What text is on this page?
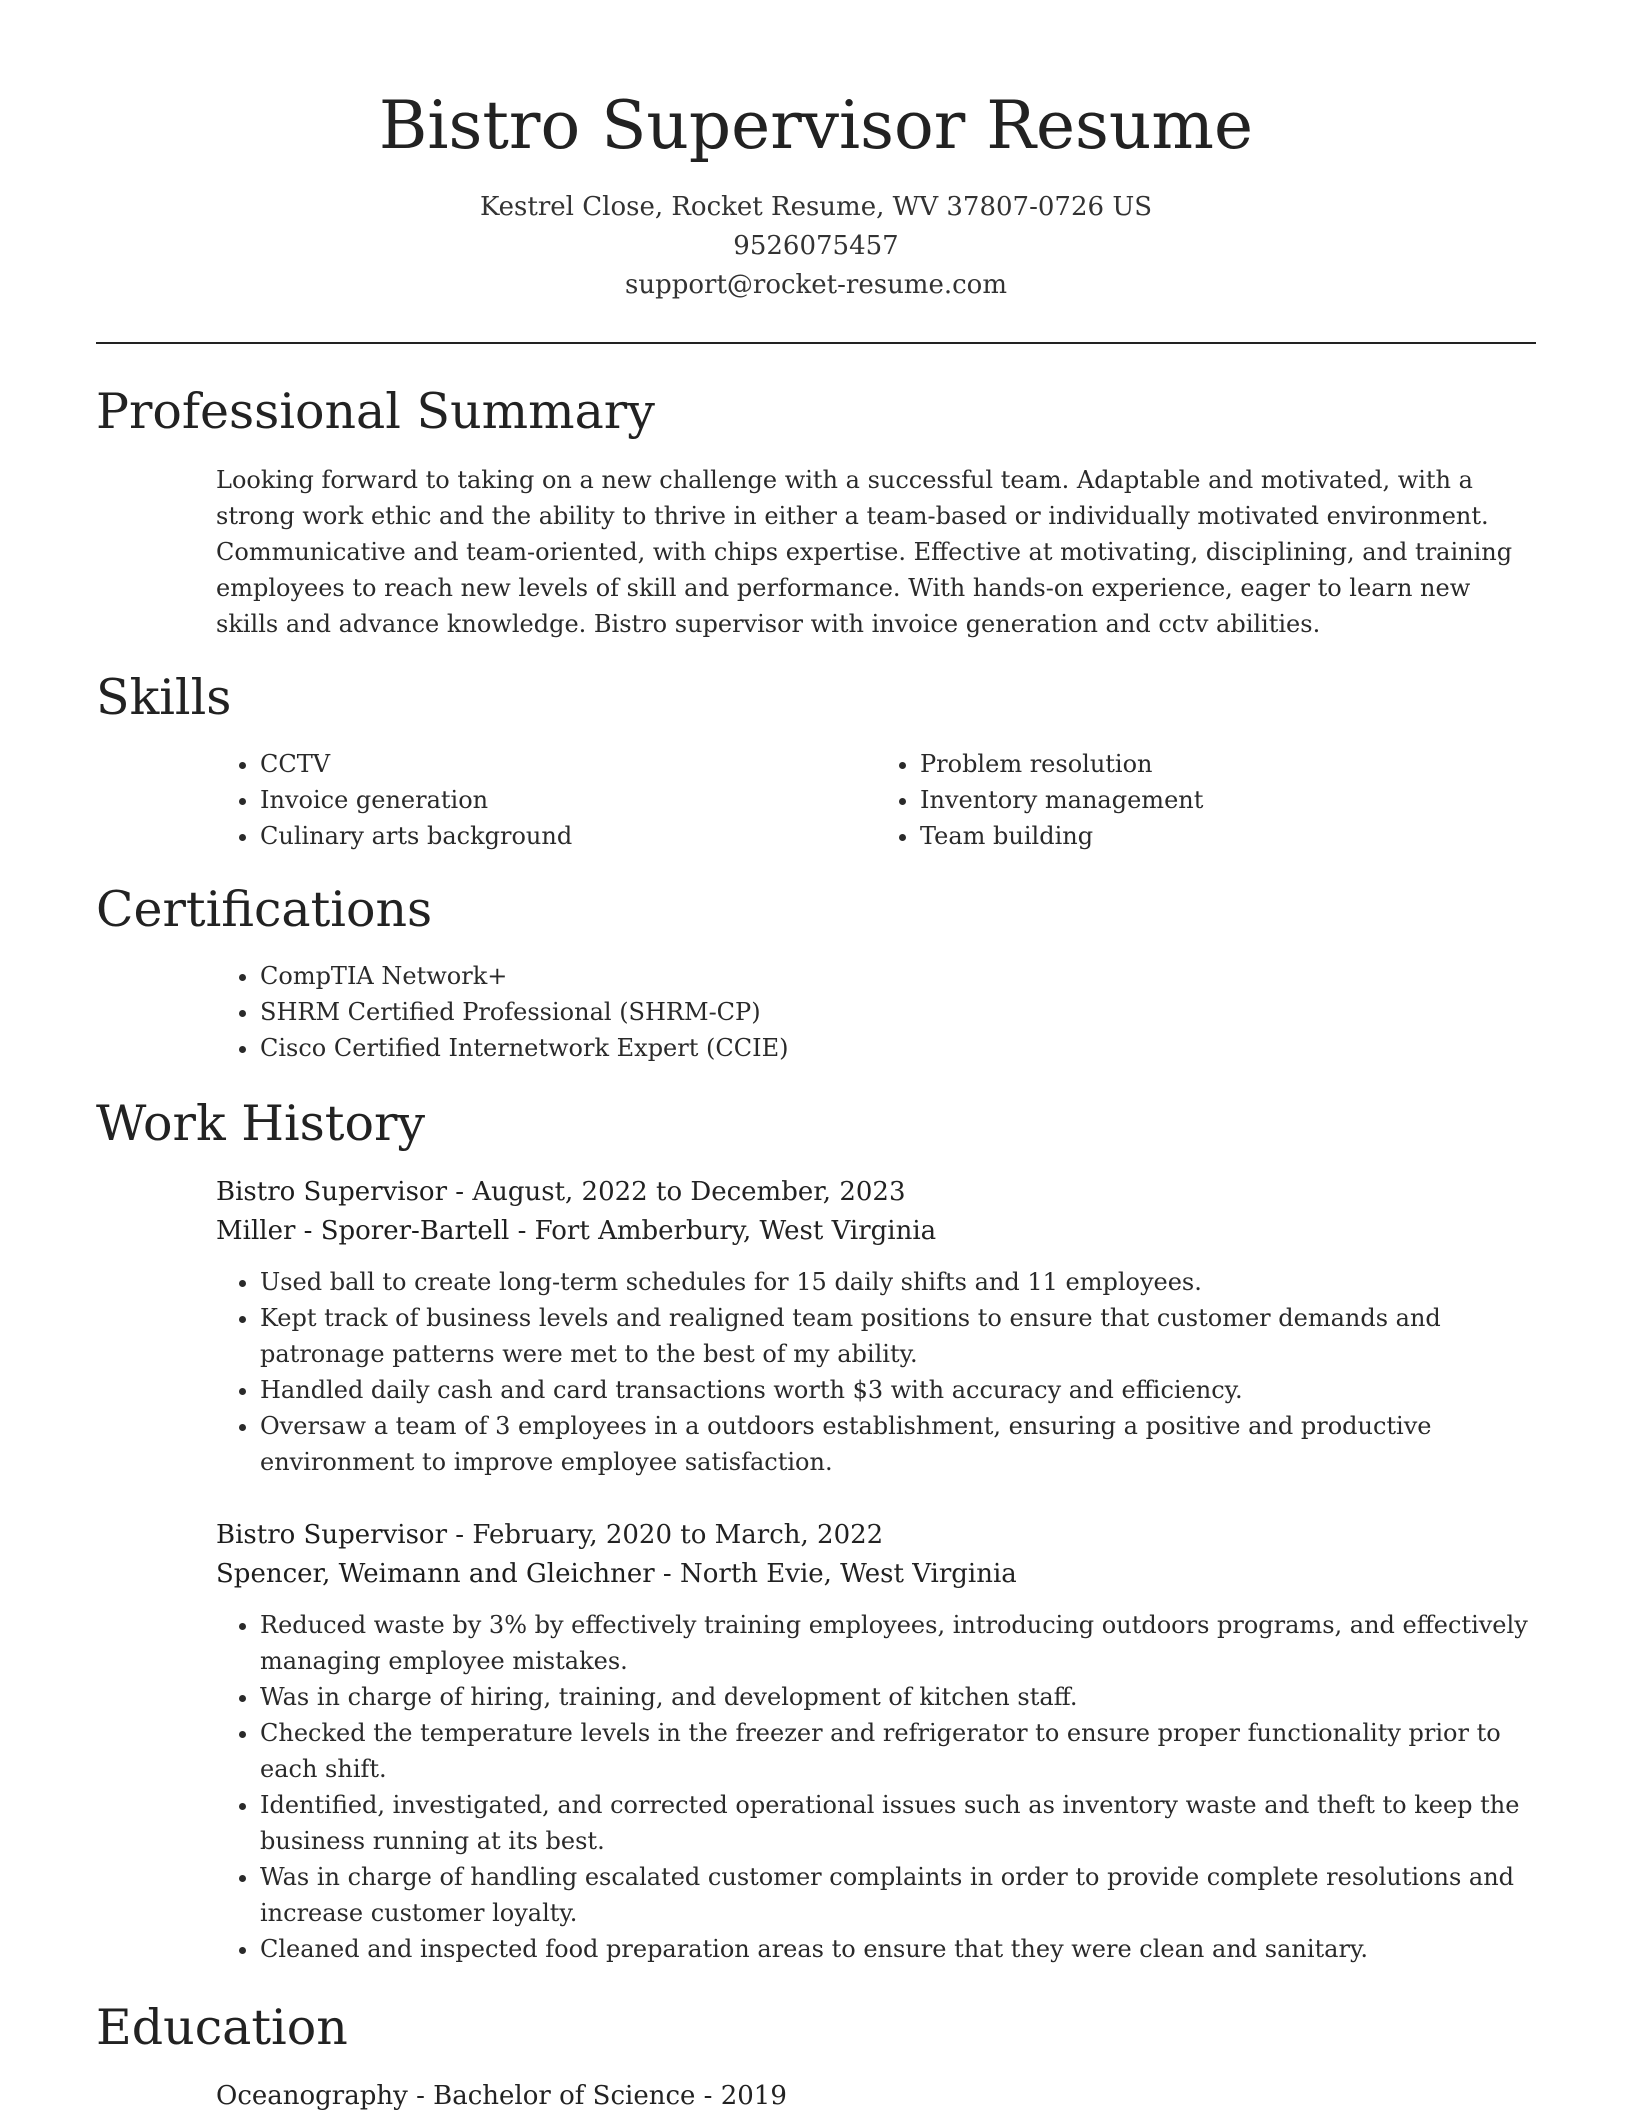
Bistro Supervisor Resume
Kestrel Close, Rocket Resume, WV 37807-0726 US
9526075457
support@rocket-resume.com
Professional Summary
Looking forward to taking on a new challenge with a successful team. Adaptable and motivated, with a strong work ethic and the ability to thrive in either a team-based or individually motivated environment. Communicative and team-oriented, with chips expertise. Effective at motivating, disciplining, and training employees to reach new levels of skill and performance. With hands-on experience, eager to learn new skills and advance knowledge. Bistro supervisor with invoice generation and cctv abilities.
Skills
• CCTV
• Invoice generation
• Culinary arts background
• Problem resolution
• Inventory management
• Team building
Certifications
• CompTIA Network+
• SHRM Certified Professional (SHRM-CP)
• Cisco Certified Internetwork Expert (CCIE)
Work History
Bistro Supervisor - August, 2022 to December, 2023
Miller - Sporer-Bartell - Fort Amberbury, West Virginia
• Used ball to create long-term schedules for 15 daily shifts and 11 employees.
• Kept track of business levels and realigned team positions to ensure that customer demands and patronage patterns were met to the best of my ability.
• Handled daily cash and card transactions worth $3 with accuracy and efficiency.
• Oversaw a team of 3 employees in a outdoors establishment, ensuring a positive and productive environment to improve employee satisfaction.
Bistro Supervisor - February, 2020 to March, 2022
Spencer, Weimann and Gleichner - North Evie, West Virginia
• Reduced waste by 3% by effectively training employees, introducing outdoors programs, and effectively managing employee mistakes.
• Was in charge of hiring, training, and development of kitchen staff.
• Checked the temperature levels in the freezer and refrigerator to ensure proper functionality prior to each shift.
• Identified, investigated, and corrected operational issues such as inventory waste and theft to keep the business running at its best.
• Was in charge of handling escalated customer complaints in order to provide complete resolutions and increase customer loyalty.
• Cleaned and inspected food preparation areas to ensure that they were clean and sanitary.
Education
Oceanography - Bachelor of Science - 2019
